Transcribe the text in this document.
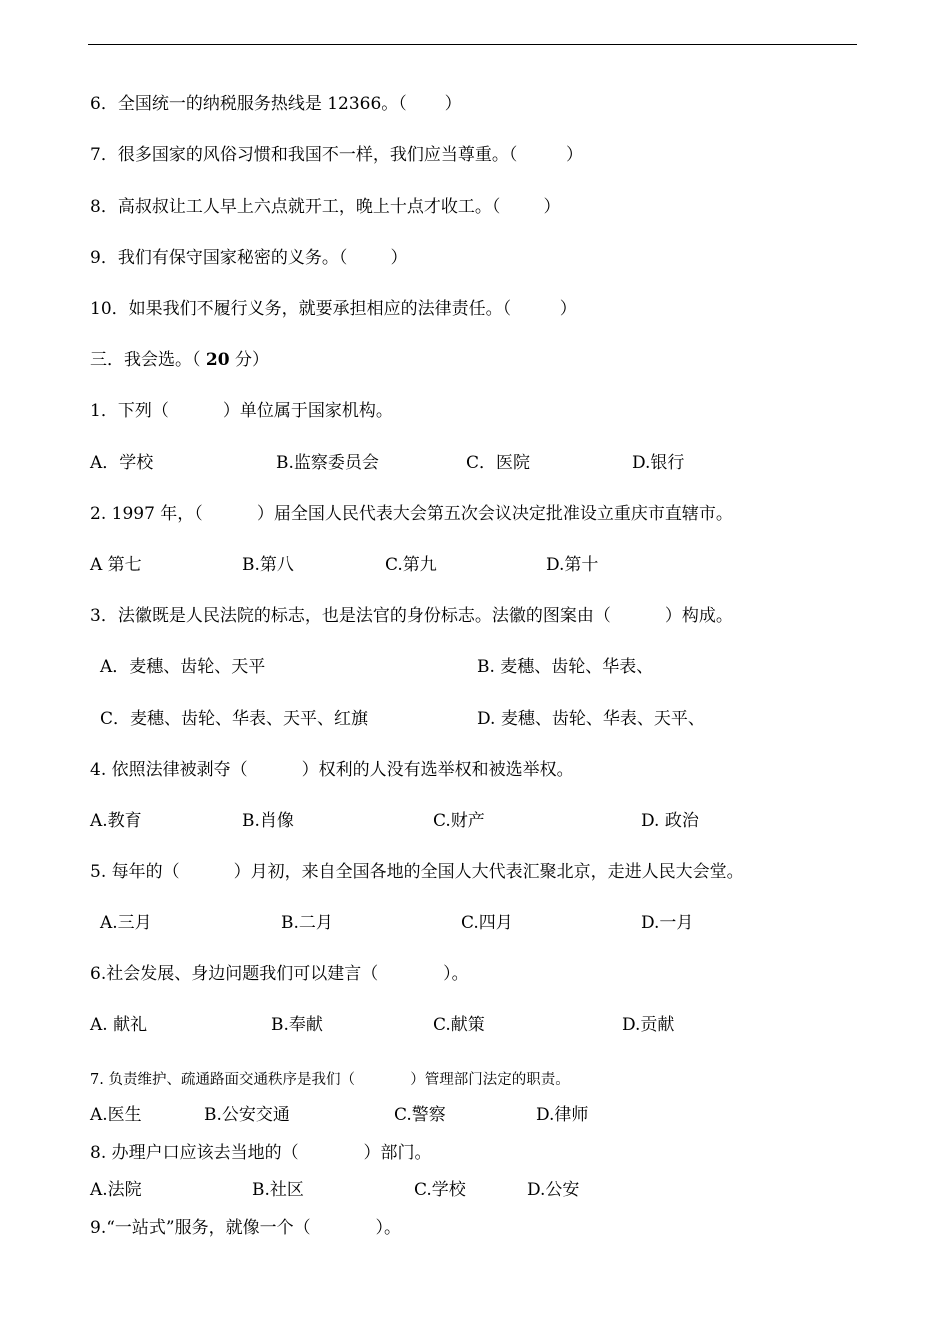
6．全国统一的纳税服务热线是 12366。（       ）
7．很多国家的风俗习惯和我国不一样，我们应当尊重。（         ）
8．高叔叔让工人早上六点就开工，晚上十点才收工。（        ）
9．我们有保守国家秘密的义务。（        ）
10．如果我们不履行义务，就要承担相应的法律责任。（         ）
三．我会选。（ 20 分）
1．下列（          ）单位属于国家机构。
A．学校	B.监察委员会	C．医院	D.银行
2. 1997 年，（          ）届全国人民代表大会第五次会议决定批准设立重庆市直辖市。
A 第七	B.第八	C.第九	D.第十
3．法徽既是人民法院的标志，也是法官的身份标志。法徽的图案由（          ）构成。
A．麦穗、齿轮、天平	B. 麦穗、齿轮、华表、
C．麦穗、齿轮、华表、天平、红旗	D. 麦穗、齿轮、华表、天平、
4. 依照法律被剥夺（          ）权利的人没有选举权和被选举权。
A.教育	B.肖像	C.财产	D. 政治
5. 每年的（          ）月初，来自全国各地的全国人大代表汇聚北京，走进人民大会堂。
A.三月	B.二月	C.四月	D.一月
6.社会发展、身边问题我们可以建言（            ）。
A. 献礼	B.奉献	C.献策	D.贡献
7. 负责维护、疏通路面交通秩序是我们（            ）管理部门法定的职责。
A.医生	B.公安交通	C.警察	D.律师
8. 办理户口应该去当地的（            ）部门。
A.法院	B.社区	C.学校	D.公安
9.“一站式”服务，就像一个（            ）。
